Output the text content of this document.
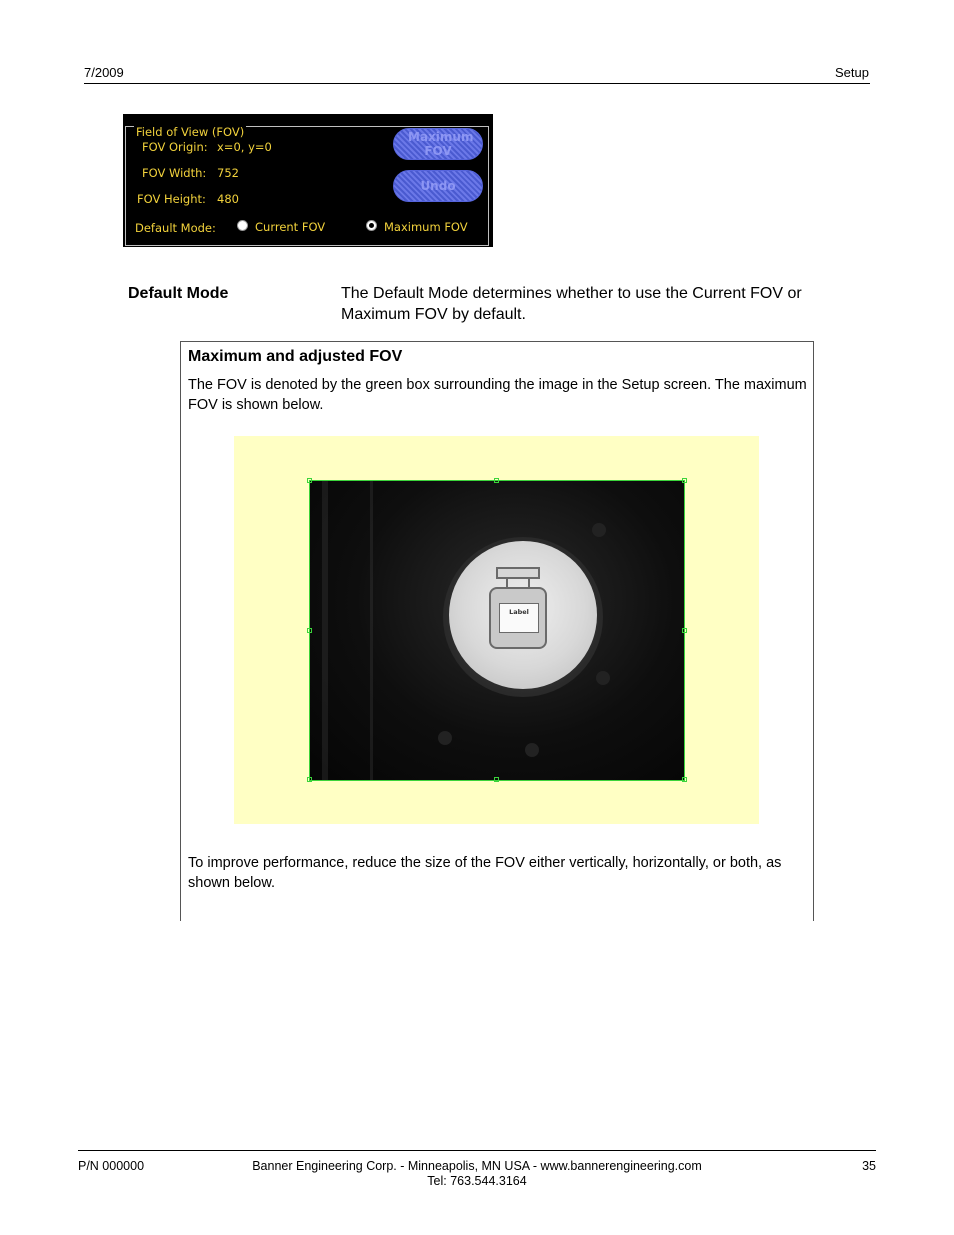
7/2009	Setup
Field of View (FOV)
FOV Origin: x=0, y=0
FOV Width: 752
FOV Height: 480
Default Mode:	Current FOV	Maximum FOV
Maximum FOV
Undo
Default Mode	The Default Mode determines whether to use the Current FOV or Maximum FOV by default.
Maximum and adjusted FOV
The FOV is denoted by the green box surrounding the image in the Setup screen. The maximum FOV is shown below.
Label
To improve performance, reduce the size of the FOV either vertically, horizontally, or both, as shown below.
P/N 000000	Banner Engineering Corp. - Minneapolis, MN USA - www.bannerengineering.com
Tel: 763.544.3164
35
